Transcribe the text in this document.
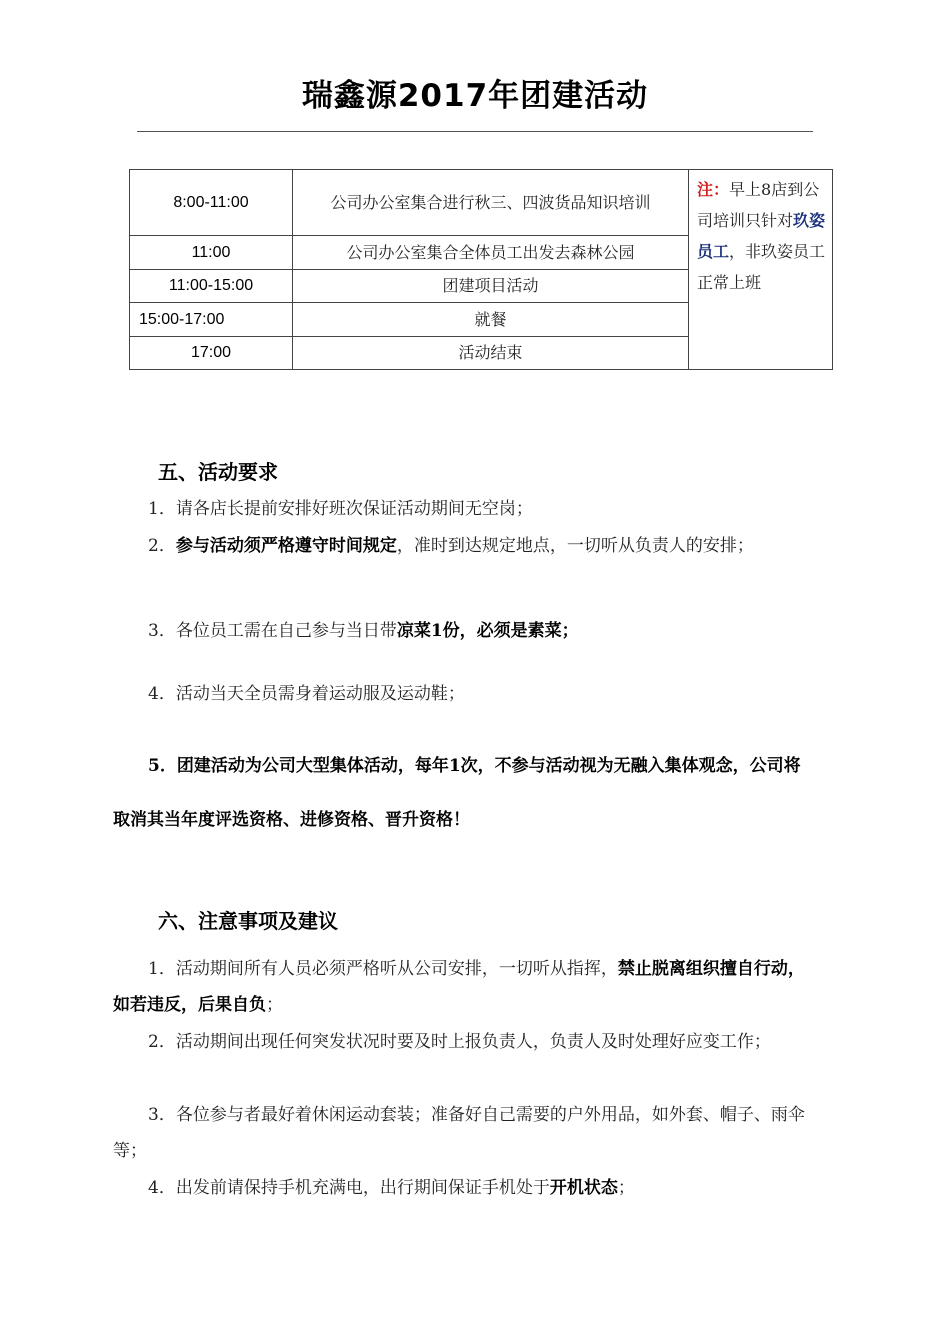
瑞鑫源2017年团建活动
8:00-11:00	公司办公室集合进行秋三、四波货品知识培训	注：早上8店到公司培训只针对玖姿员工，非玖姿员工正常上班
11:00	公司办公室集合全体员工出发去森林公园	
11:00-15:00	团建项目活动	
15:00-17:00	就餐	
17:00	活动结束	
五、活动要求
1．请各店长提前安排好班次保证活动期间无空岗；
2．参与活动须严格遵守时间规定，准时到达规定地点，一切听从负责人的安排；
3．各位员工需在自己参与当日带凉菜1份，必须是素菜；
4．活动当天全员需身着运动服及运动鞋；
5．团建活动为公司大型集体活动，每年1次，不参与活动视为无融入集体观念，公司将取消其当年度评选资格、进修资格、晋升资格！
六、注意事项及建议
1．活动期间所有人员必须严格听从公司安排，一切听从指挥，禁止脱离组织擅自行动，如若违反，后果自负；
2．活动期间出现任何突发状况时要及时上报负责人，负责人及时处理好应变工作；
3．各位参与者最好着休闲运动套装；准备好自己需要的户外用品，如外套、帽子、雨伞等；
4．出发前请保持手机充满电，出行期间保证手机处于开机状态；
